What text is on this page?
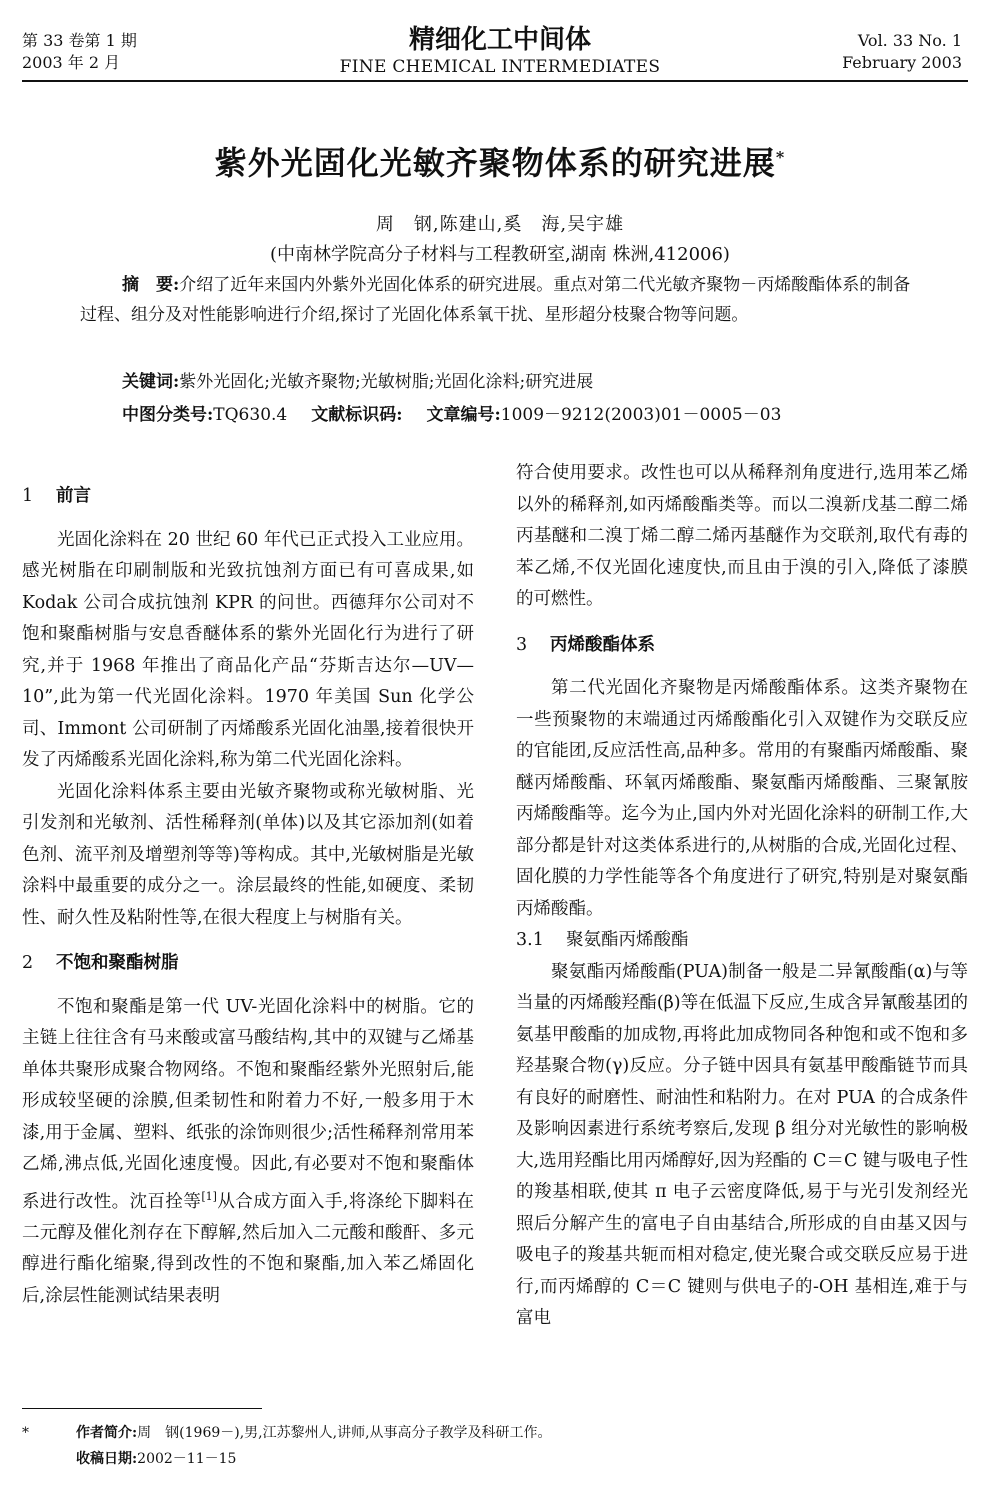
第 33 卷第 1 期
2003 年 2 月
精细化工中间体
FINE CHEMICAL INTERMEDIATES
Vol. 33 No. 1
February 2003
紫外光固化光敏齐聚物体系的研究进展*
周　钢,陈建山,奚　海,吴宇雄
(中南林学院高分子材料与工程教研室,湖南 株洲,412006)
摘　要:介绍了近年来国内外紫外光固化体系的研究进展。重点对第二代光敏齐聚物－丙烯酸酯体系的制备过程、组分及对性能影响进行介绍,探讨了光固化体系氧干扰、星形超分枝聚合物等问题。
关键词:紫外光固化;光敏齐聚物;光敏树脂;光固化涂料;研究进展
中图分类号:TQ630.4 文献标识码: 文章编号:1009－9212(2003)01－0005－03
1 前言

光固化涂料在 20 世纪 60 年代已正式投入工业应用。感光树脂在印刷制版和光致抗蚀剂方面已有可喜成果,如 Kodak 公司合成抗蚀剂 KPR 的问世。西德拜尔公司对不饱和聚酯树脂与安息香醚体系的紫外光固化行为进行了研究,并于 1968 年推出了商品化产品“芬斯吉达尔—UV—10”,此为第一代光固化涂料。1970 年美国 Sun 化学公司、Immont 公司研制了丙烯酸系光固化油墨,接着很快开发了丙烯酸系光固化涂料,称为第二代光固化涂料。

光固化涂料体系主要由光敏齐聚物或称光敏树脂、光引发剂和光敏剂、活性稀释剂(单体)以及其它添加剂(如着色剂、流平剂及增塑剂等等)等构成。其中,光敏树脂是光敏涂料中最重要的成分之一。涂层最终的性能,如硬度、柔韧性、耐久性及粘附性等,在很大程度上与树脂有关。

2 不饱和聚酯树脂

不饱和聚酯是第一代 UV-光固化涂料中的树脂。它的主链上往往含有马来酸或富马酸结构,其中的双键与乙烯基单体共聚形成聚合物网络。不饱和聚酯经紫外光照射后,能形成较坚硬的涂膜,但柔韧性和附着力不好,一般多用于木漆,用于金属、塑料、纸张的涂饰则很少;活性稀释剂常用苯乙烯,沸点低,光固化速度慢。因此,有必要对不饱和聚酯体系进行改性。沈百拴等[1]从合成方面入手,将涤纶下脚料在二元醇及催化剂存在下醇解,然后加入二元酸和酸酐、多元醇进行酯化缩聚,得到改性的不饱和聚酯,加入苯乙烯固化后,涂层性能测试结果表明

符合使用要求。改性也可以从稀释剂角度进行,选用苯乙烯以外的稀释剂,如丙烯酸酯类等。而以二溴新戊基二醇二烯丙基醚和二溴丁烯二醇二烯丙基醚作为交联剂,取代有毒的苯乙烯,不仅光固化速度快,而且由于溴的引入,降低了漆膜的可燃性。

3 丙烯酸酯体系

第二代光固化齐聚物是丙烯酸酯体系。这类齐聚物在一些预聚物的末端通过丙烯酸酯化引入双键作为交联反应的官能团,反应活性高,品种多。常用的有聚酯丙烯酸酯、聚醚丙烯酸酯、环氧丙烯酸酯、聚氨酯丙烯酸酯、三聚氰胺丙烯酸酯等。迄今为止,国内外对光固化涂料的研制工作,大部分都是针对这类体系进行的,从树脂的合成,光固化过程、固化膜的力学性能等各个角度进行了研究,特别是对聚氨酯丙烯酸酯。

3.1 聚氨酯丙烯酸酯

聚氨酯丙烯酸酯(PUA)制备一般是二异氰酸酯(α)与等当量的丙烯酸羟酯(β)等在低温下反应,生成含异氰酸基团的氨基甲酸酯的加成物,再将此加成物同各种饱和或不饱和多羟基聚合物(γ)反应。分子链中因具有氨基甲酸酯链节而具有良好的耐磨性、耐油性和粘附力。在对 PUA 的合成条件及影响因素进行系统考察后,发现 β 组分对光敏性的影响极大,选用羟酯比用丙烯醇好,因为羟酯的 C＝C 键与吸电子性的羧基相联,使其 π 电子云密度降低,易于与光引发剂经光照后分解产生的富电子自由基结合,所形成的自由基又因与吸电子的羧基共轭而相对稳定,使光聚合或交联反应易于进行,而丙烯醇的 C＝C 键则与供电子的-OH 基相连,难于与富电

*	作者简介:周　钢(1969－),男,江苏黎州人,讲师,从事高分子教学及科研工作。
收稿日期:2002－11－15
